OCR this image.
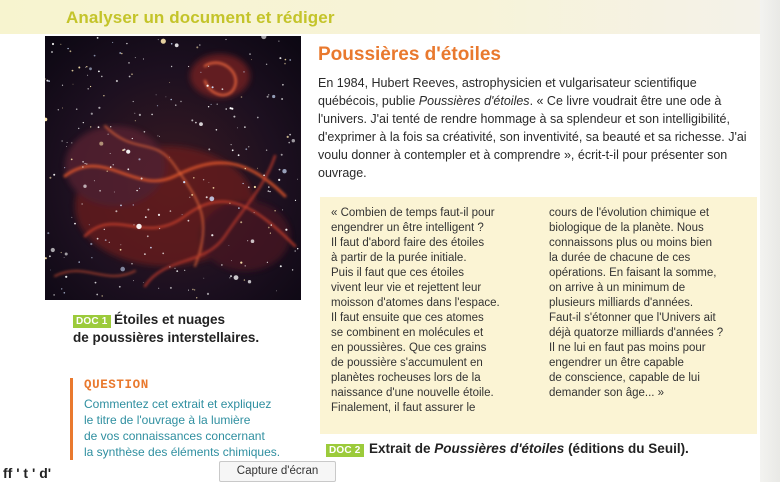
Analyser un document et rédiger
DOC 1 Étoiles et nuages
de poussières interstellaires.
QUESTION
Commentez cet extrait et expliquez
le titre de l'ouvrage à la lumière
de vos connaissances concernant
la synthèse des éléments chimiques.
Poussières d'étoiles
En 1984, Hubert Reeves, astrophysicien et vulgarisateur scientifique québécois, publie Poussières d'étoiles. « Ce livre voudrait être une ode à l'univers. J'ai tenté de rendre hommage à sa splendeur et son intelligibilité, d'exprimer à la fois sa créativité, son inventivité, sa beauté et sa richesse. J'ai voulu donner à contempler et à comprendre », écrit-t-il pour présenter son ouvrage.
« Combien de temps faut-il pour
engendrer un être intelligent ?
Il faut d'abord faire des étoiles
à partir de la purée initiale.
Puis il faut que ces étoiles
vivent leur vie et rejettent leur
moisson d'atomes dans l'espace.
Il faut ensuite que ces atomes
se combinent en molécules et
en poussières. Que ces grains
de poussière s'accumulent en
planètes rocheuses lors de la
naissance d'une nouvelle étoile.
Finalement, il faut assurer le
cours de l'évolution chimique et
biologique de la planète. Nous
connaissons plus ou moins bien
la durée de chacune de ces
opérations. En faisant la somme,
on arrive à un minimum de
plusieurs milliards d'années.
Faut-il s'étonner que l'Univers ait
déjà quatorze milliards d'années ?
Il ne lui en faut pas moins pour
engendrer un être capable
de conscience, capable de lui
demander son âge... »
DOC 2 Extrait de Poussières d'étoiles (éditions du Seuil).
ff ' t ' d'	Capture d'écran
